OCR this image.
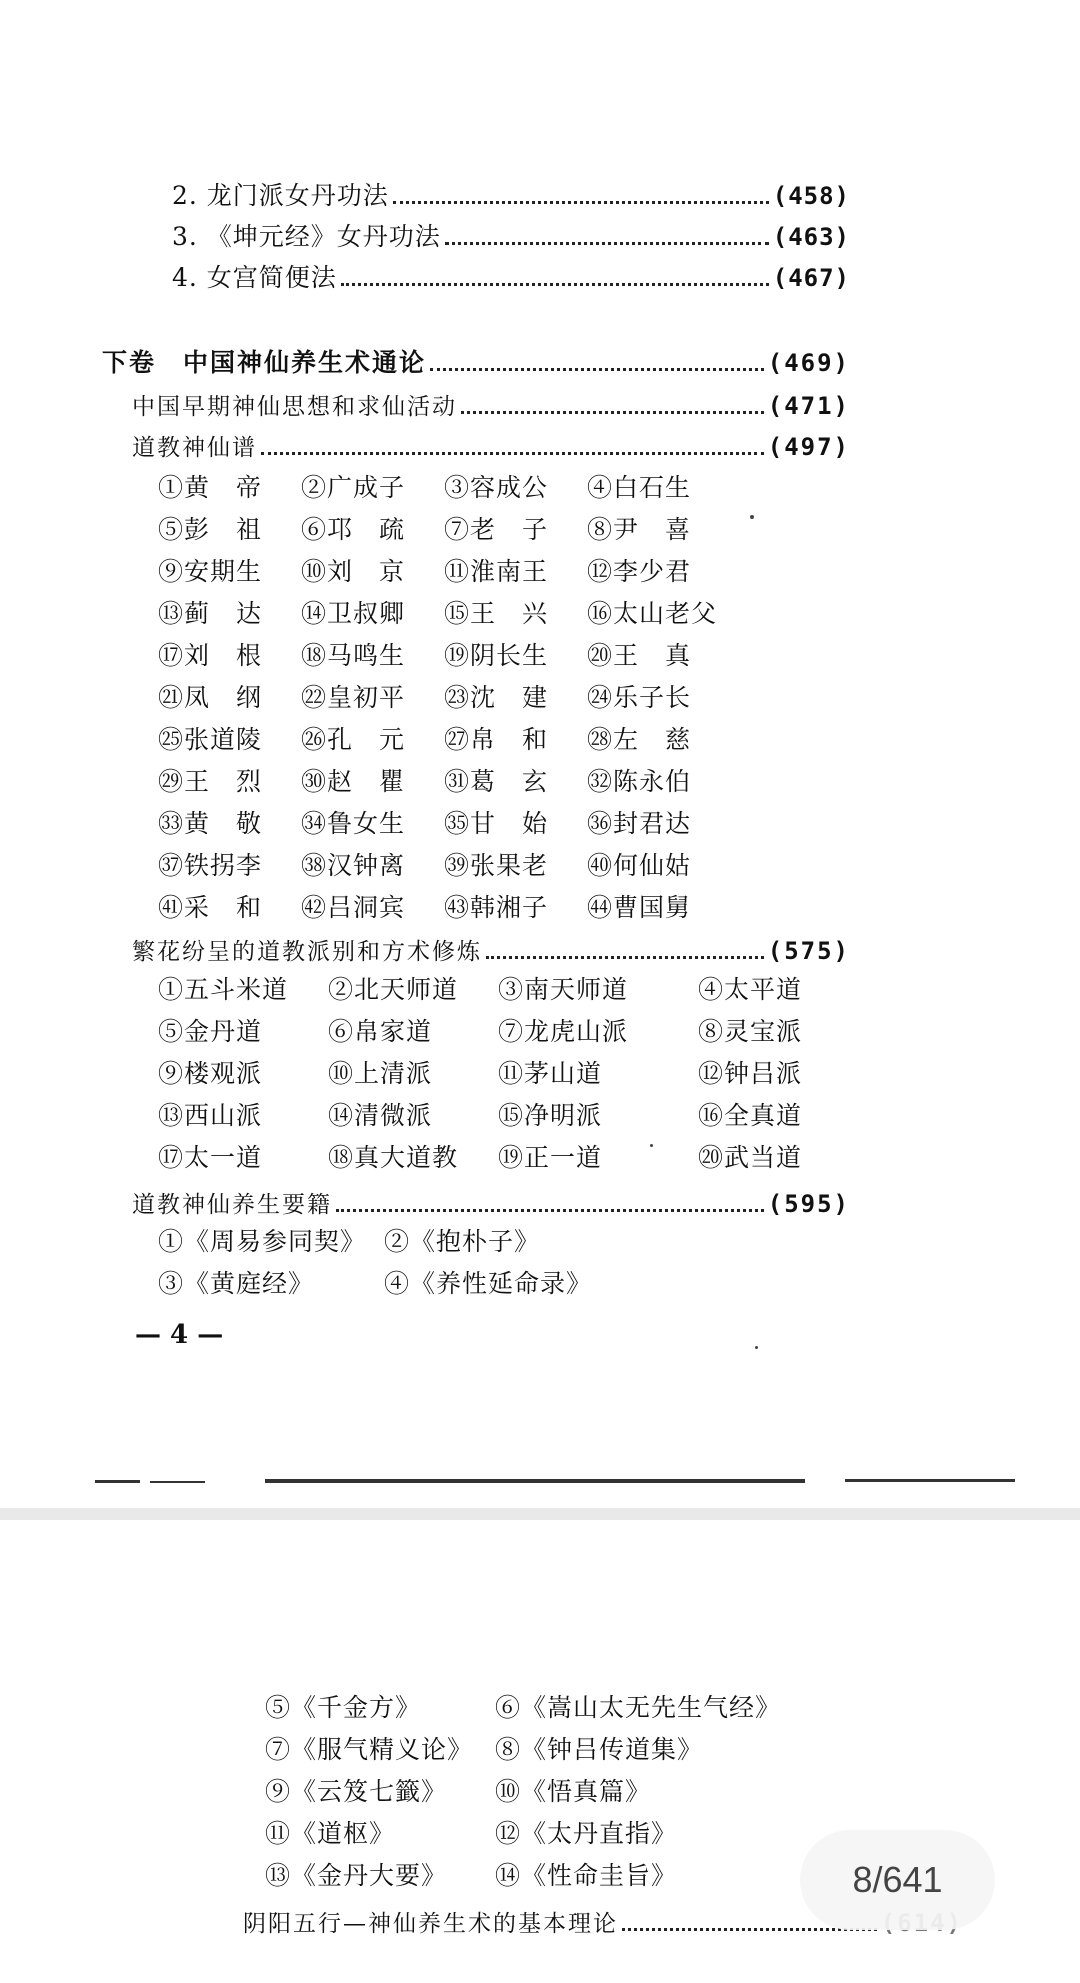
2. 龙门派女丹功法	(458)
3. 《坤元经》女丹功法	(463)
4. 女宫简便法	(467)
下卷　中国神仙养生术通论	(469)
中国早期神仙思想和求仙活动	(471)
道教神仙谱	(497)
①黄　帝	②广成子	③容成公	④白石生
⑤彭　祖	⑥邛　疏	⑦老　子	⑧尹　喜
⑨安期生	⑩刘　京	⑪淮南王	⑫李少君
⑬蓟　达	⑭卫叔卿	⑮王　兴	⑯太山老父
⑰刘　根	⑱马鸣生	⑲阴长生	⑳王　真
㉑凤　纲	㉒皇初平	㉓沈　建	㉔乐子长
㉕张道陵	㉖孔　元	㉗帛　和	㉘左　慈
㉙王　烈	㉚赵　瞿	㉛葛　玄	㉜陈永伯
㉝黄　敬	㉞鲁女生	㉟甘　始	㊱封君达
㊲铁拐李	㊳汉钟离	㊴张果老	㊵何仙姑
㊶采　和	㊷吕洞宾	㊸韩湘子	㊹曹国舅
繁花纷呈的道教派别和方术修炼	(575)
①五斗米道	②北天师道	③南天师道	④太平道
⑤金丹道	⑥帛家道	⑦龙虎山派	⑧灵宝派
⑨楼观派	⑩上清派	⑪茅山道	⑫钟吕派
⑬西山派	⑭清微派	⑮净明派	⑯全真道
⑰太一道	⑱真大道教	⑲正一道	⑳武当道
道教神仙养生要籍	(595)
①《周易参同契》 ②《抱朴子》
③《黄庭经》	④《养性延命录》
— 4 —
⑤《千金方》	⑥《嵩山太无先生气经》
⑦《服气精义论》 ⑧《钟吕传道集》
⑨《云笈七籤》	⑩《悟真篇》
⑪《道枢》	⑫《太丹直指》
⑬《金丹大要》	⑭《性命圭旨》
阴阳五行—神仙养生术的基本理论
8/641
